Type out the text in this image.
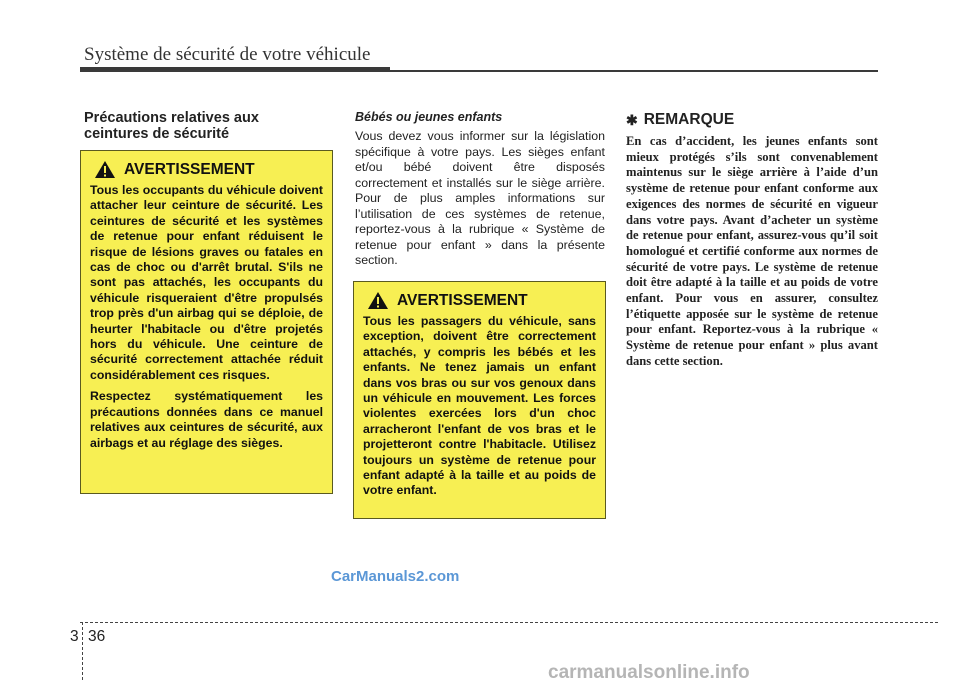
Système de sécurité de votre véhicule
Précautions relatives aux ceintures de sécurité
AVERTISSEMENT

Tous les occupants du véhicule doivent attacher leur ceinture de sécurité. Les ceintures de sécurité et les systèmes de retenue pour enfant réduisent le risque de lésions graves ou fatales en cas de choc ou d'arrêt brutal. S'ils ne sont pas attachés, les occupants du véhicule risqueraient d'être propulsés trop près d'un airbag qui se déploie, de heurter l'habitacle ou d'être projetés hors du véhicule. Une ceinture de sécurité correctement attachée réduit considérablement ces risques.

Respectez systématiquement les précautions données dans ce manuel relatives aux ceintures de sécurité, aux airbags et au réglage des sièges.

Bébés ou jeunes enfants

Vous devez vous informer sur la législation spécifique à votre pays. Les sièges enfant et/ou bébé doivent être disposés correctement et installés sur le siège arrière. Pour de plus amples informations sur l’utilisation de ces systèmes de retenue, reportez-vous à la rubrique « Système de retenue pour enfant » dans la présente section.

AVERTISSEMENT

Tous les passagers du véhicule, sans exception, doivent être correctement attachés, y compris les bébés et les enfants. Ne tenez jamais un enfant dans vos bras ou sur vos genoux dans un véhicule en mouvement. Les forces violentes exercées lors d'un choc arracheront l'enfant de vos bras et le projetteront contre l'habitacle. Utilisez toujours un système de retenue pour enfant adapté à la taille et au poids de votre enfant.

✱ REMARQUE

En cas d’accident, les jeunes enfants sont mieux protégés s’ils sont convenablement maintenus sur le siège arrière à l’aide d’un système de retenue pour enfant conforme aux exigences des normes de sécurité en vigueur dans votre pays. Avant d’acheter un système de retenue pour enfant, assurez-vous qu’il soit homologué et certifié conforme aux normes de sécurité de votre pays. Le système de retenue doit être adapté à la taille et au poids de votre enfant. Pour vous en assurer, consultez l’étiquette apposée sur le système de retenue pour enfant. Reportez-vous à la rubrique « Système de retenue pour enfant » plus avant dans cette section.

CarManuals2.com
3 36
carmanualsonline.info
